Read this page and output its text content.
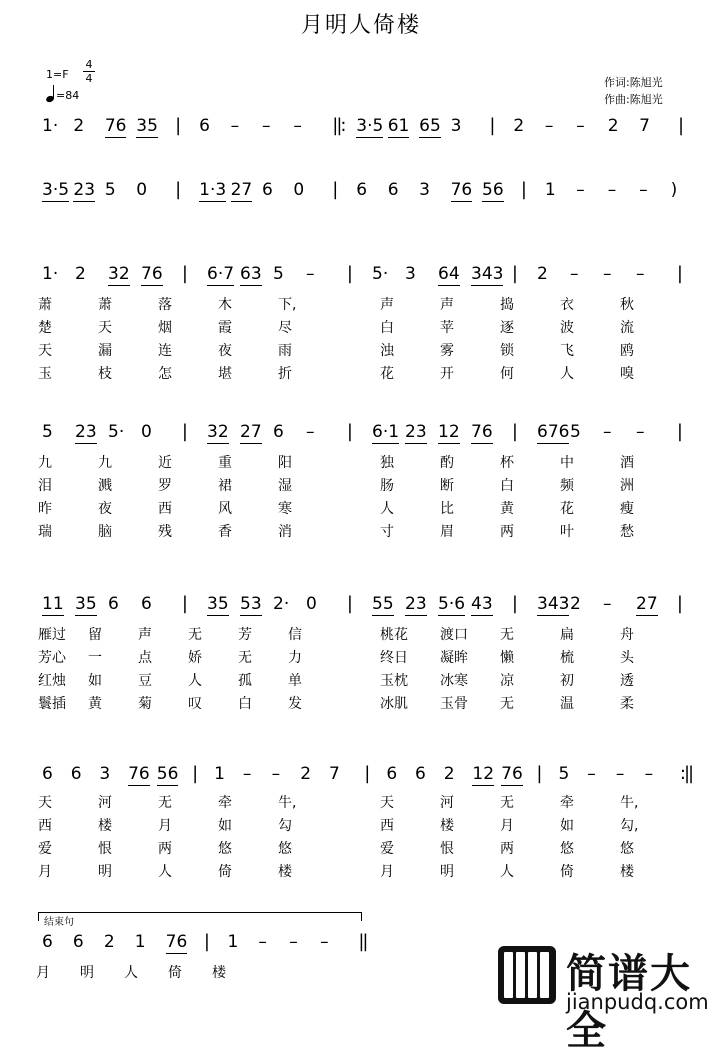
月明人倚楼
1=F
4
4
=84
作词:陈旭光
作曲:陈旭光
1· 2 76 35 | 6 – – – ||: 3·5 61 65 3 | 2 – – 2 7 |
3·5 23 5 0 | 1·3 27 6 0 | 6 6 3 76 56 | 1 – – – )
1· 2 32 76 | 6·7 63 5 – | 5· 3 64 343 | 2 – – – |
5 23 5· 0 | 32 27 6 – | 6·1 23 12 76 | 676 5 – – |
11 35 6 6 | 35 53 2· 0 | 55 23 5·6 43 | 343 2 – 27 |
6 6 3 76 56 | 1 – – 2 7 | 6 6 2 12 76 | 5 – – – :||
6 6 2 1 76 | 1 – – – ||
萧	萧	落	木	下,	声	声	捣	衣	秋
楚	天	烟	霞	尽	白	苹	逐	波	流
天	漏	连	夜	雨	浊	雾	锁	飞	鸥
玉	枝	怎	堪	折	花	开	何	人	嗅
九	九	近	重	阳	独	酌	杯	中	酒
泪	溅	罗	裙	湿	肠	断	白	频	洲
昨	夜	西	风	寒	人	比	黄	花	瘦
瑞	脑	残	香	消	寸	眉	两	叶	愁
雁过 留	声	无	芳	信	桃花 渡口 无	扁	舟
芳心 一	点	娇	无	力	终日 凝眸 懒	梳	头
红烛 如	豆	人	孤	单	玉枕 冰寒 凉	初	透
鬟插 黄	菊	叹	白	发	冰肌 玉骨 无	温	柔
天	河	无	牵	牛,	天	河	无	牵	牛,
西	楼	月	如	勾	西	楼	月	如	勾,
爱	恨	两	悠	悠	爱	恨	两	悠	悠
月	明	人	倚	楼	月	明	人	倚	楼
结束句
月 明 人 倚 楼	简谱大全
jianpudq.com
